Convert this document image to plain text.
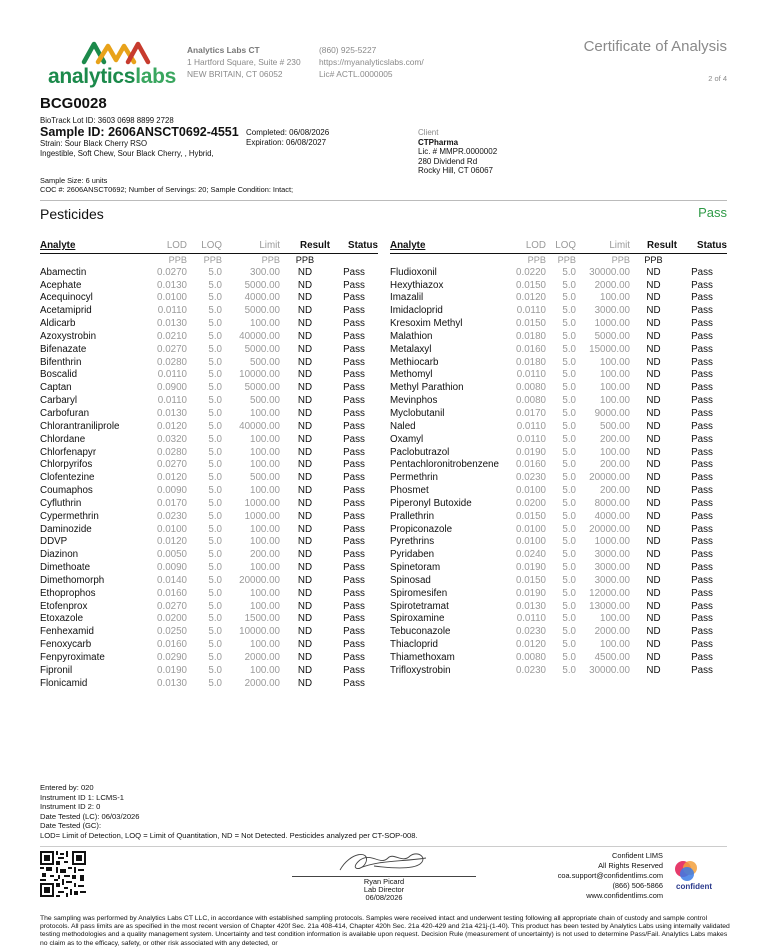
analyticslabs
Analytics Labs CT
1 Hartford Square, Suite # 230
NEW BRITAIN, CT 06052
(860) 925-5227
https://myanalyticslabs.com/
Lic# ACTL.0000005
Certificate of Analysis
2 of 4
BCG0028
BioTrack Lot ID: 3603 0698 8899 2728
Sample ID: 2606ANSCT0692-4551
Strain: Sour Black Cherry RSO
Ingestible, Soft Chew, Sour Black Cherry, , Hybrid,
Completed: 06/08/2026
Expiration: 06/08/2027
Client
CTPharma
Lic. # MMPR.0000002
280 Dividend Rd
Rocky Hill, CT 06067
Sample Size: 6 units
COC #: 2606ANSCT0692; Number of Servings: 20; Sample Condition: Intact;
Pesticides	Pass
Analyte	LOD	LOQ	Limit	Result	Status
	PPB	PPB	PPB	PPB	
Abamectin	0.0270	5.0	300.00	ND	Pass
Acephate	0.0130	5.0	5000.00	ND	Pass
Acequinocyl	0.0100	5.0	4000.00	ND	Pass
Acetamiprid	0.0110	5.0	5000.00	ND	Pass
Aldicarb	0.0130	5.0	100.00	ND	Pass
Azoxystrobin	0.0210	5.0	40000.00	ND	Pass
Bifenazate	0.0270	5.0	5000.00	ND	Pass
Bifenthrin	0.0280	5.0	500.00	ND	Pass
Boscalid	0.0110	5.0	10000.00	ND	Pass
Captan	0.0900	5.0	5000.00	ND	Pass
Carbaryl	0.0110	5.0	500.00	ND	Pass
Carbofuran	0.0130	5.0	100.00	ND	Pass
Chlorantraniliprole	0.0120	5.0	40000.00	ND	Pass
Chlordane	0.0320	5.0	100.00	ND	Pass
Chlorfenapyr	0.0280	5.0	100.00	ND	Pass
Chlorpyrifos	0.0270	5.0	100.00	ND	Pass
Clofentezine	0.0120	5.0	500.00	ND	Pass
Coumaphos	0.0090	5.0	100.00	ND	Pass
Cyfluthrin	0.0170	5.0	1000.00	ND	Pass
Cypermethrin	0.0230	5.0	1000.00	ND	Pass
Daminozide	0.0100	5.0	100.00	ND	Pass
DDVP	0.0120	5.0	100.00	ND	Pass
Diazinon	0.0050	5.0	200.00	ND	Pass
Dimethoate	0.0090	5.0	100.00	ND	Pass
Dimethomorph	0.0140	5.0	20000.00	ND	Pass
Ethoprophos	0.0160	5.0	100.00	ND	Pass
Etofenprox	0.0270	5.0	100.00	ND	Pass
Etoxazole	0.0200	5.0	1500.00	ND	Pass
Fenhexamid	0.0250	5.0	10000.00	ND	Pass
Fenoxycarb	0.0160	5.0	100.00	ND	Pass
Fenpyroximate	0.0290	5.0	2000.00	ND	Pass
Fipronil	0.0190	5.0	100.00	ND	Pass
Flonicamid	0.0130	5.0	2000.00	ND	Pass
Analyte	LOD	LOQ	Limit	Result	Status
	PPB	PPB	PPB	PPB	
Fludioxonil	0.0220	5.0	30000.00	ND	Pass
Hexythiazox	0.0150	5.0	2000.00	ND	Pass
Imazalil	0.0120	5.0	100.00	ND	Pass
Imidacloprid	0.0110	5.0	3000.00	ND	Pass
Kresoxim Methyl	0.0150	5.0	1000.00	ND	Pass
Malathion	0.0180	5.0	5000.00	ND	Pass
Metalaxyl	0.0160	5.0	15000.00	ND	Pass
Methiocarb	0.0180	5.0	100.00	ND	Pass
Methomyl	0.0110	5.0	100.00	ND	Pass
Methyl Parathion	0.0080	5.0	100.00	ND	Pass
Mevinphos	0.0080	5.0	100.00	ND	Pass
Myclobutanil	0.0170	5.0	9000.00	ND	Pass
Naled	0.0110	5.0	500.00	ND	Pass
Oxamyl	0.0110	5.0	200.00	ND	Pass
Paclobutrazol	0.0190	5.0	100.00	ND	Pass
Pentachloronitrobenzene	0.0160	5.0	200.00	ND	Pass
Permethrin	0.0230	5.0	20000.00	ND	Pass
Phosmet	0.0100	5.0	200.00	ND	Pass
Piperonyl Butoxide	0.0200	5.0	8000.00	ND	Pass
Prallethrin	0.0150	5.0	4000.00	ND	Pass
Propiconazole	0.0100	5.0	20000.00	ND	Pass
Pyrethrins	0.0100	5.0	1000.00	ND	Pass
Pyridaben	0.0240	5.0	3000.00	ND	Pass
Spinetoram	0.0190	5.0	3000.00	ND	Pass
Spinosad	0.0150	5.0	3000.00	ND	Pass
Spiromesifen	0.0190	5.0	12000.00	ND	Pass
Spirotetramat	0.0130	5.0	13000.00	ND	Pass
Spiroxamine	0.0110	5.0	100.00	ND	Pass
Tebuconazole	0.0230	5.0	2000.00	ND	Pass
Thiacloprid	0.0120	5.0	100.00	ND	Pass
Thiamethoxam	0.0080	5.0	4500.00	ND	Pass
Trifloxystrobin	0.0230	5.0	30000.00	ND	Pass
Entered by: 020
Instrument ID 1: LCMS-1
Instrument ID 2: 0
Date Tested (LC): 06/03/2026
Date Tested (GC):
LOD= Limit of Detection, LOQ = Limit of Quantitation, ND = Not Detected. Pesticides analyzed per CT-SOP-008.
Ryan Picard
Lab Director
06/08/2026
Confident LIMS
All Rights Reserved
coa.support@confidentlims.com
(866) 506-5866
www.confidentlims.com
confident
The sampling was performed by Analytics Labs CT LLC, in accordance with established sampling protocols. Samples were received intact and underwent testing following all appropriate chain of custody and sample control protocols. All pass limits are as specified in the most recent version of Chapter 420f Sec. 21a 408-414, Chapter 420h Sec. 21a 420-429 and 21a 421j-(1-40). This product has been tested by Analytics Labs using internally validated testing methodologies and a quality management system. Uncertainty and test condition information is available upon request. Decision Rule (measurement of uncertainty) is not used to determine Pass/Fail. Analytics Labs makes no claim as to the efficacy, safety, or other risk associated with any detected, or
